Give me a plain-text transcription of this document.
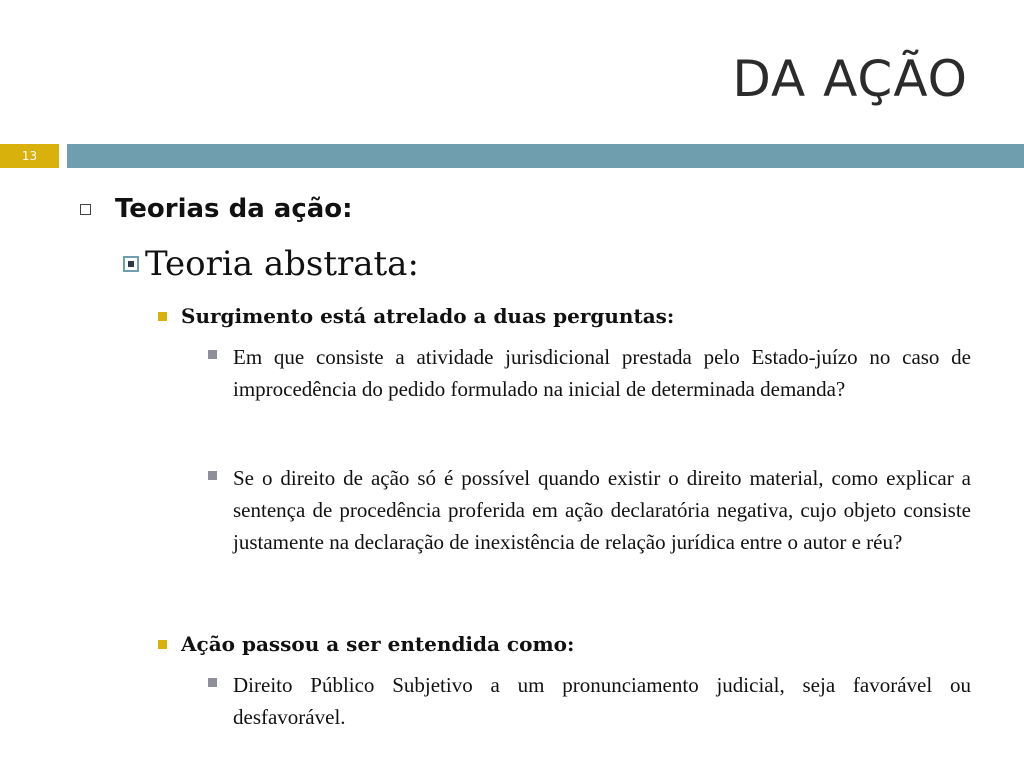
DA AÇÃO
13
Teorias da ação:
Teoria abstrata:
Surgimento está atrelado a duas perguntas:
Em que consiste a atividade jurisdicional prestada pelo Estado-juízo no caso de improcedência do pedido formulado na inicial de determinada demanda?
Se o direito de ação só é possível quando existir o direito material, como explicar a sentença de procedência proferida em ação declaratória negativa, cujo objeto consiste justamente na declaração de inexistência de relação jurídica entre o autor e réu?
Ação passou a ser entendida como:
Direito Público Subjetivo a um pronunciamento judicial, seja favorável ou desfavorável.
